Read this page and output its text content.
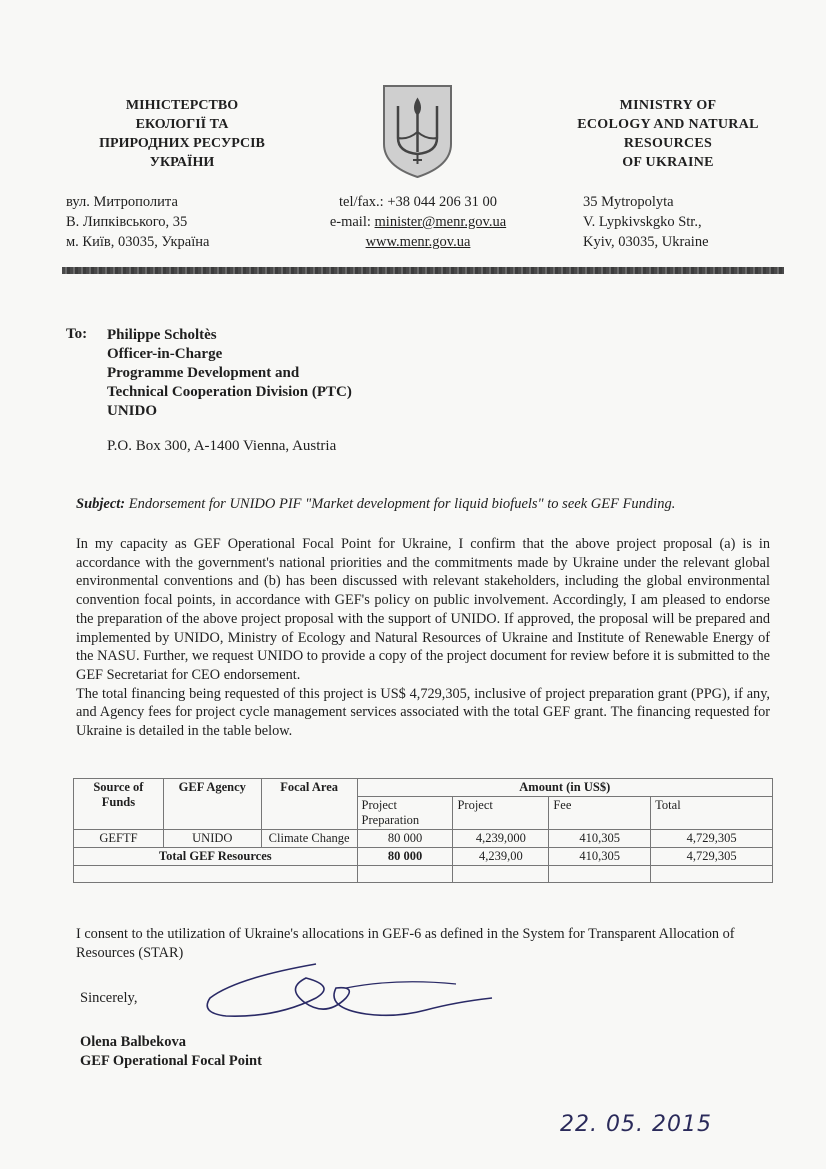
МІНІСТЕРСТВО
ЕКОЛОГІЇ ТА
ПРИРОДНИХ РЕСУРСІВ
УКРАЇНИ
MINISTRY OF
ECOLOGY AND NATURAL
RESOURCES
OF UKRAINE
вул. Митрополита
В. Липківського, 35
м. Київ, 03035, Україна
tel/fax.: +38 044 206 31 00
e-mail: minister@menr.gov.ua
www.menr.gov.ua
35 Mytropolyta
V. Lypkivskgko Str.,
Kyiv, 03035, Ukraine
To: Philippe Scholtès
Officer-in-Charge
Programme Development and
Technical Cooperation Division (PTC)
UNIDO
P.O. Box 300, A-1400 Vienna, Austria
Subject: Endorsement for UNIDO PIF "Market development for liquid biofuels" to seek GEF Funding.

In my capacity as GEF Operational Focal Point for Ukraine, I confirm that the above project proposal (a) is in accordance with the government's national priorities and the commitments made by Ukraine under the relevant global environmental conventions and (b) has been discussed with relevant stakeholders, including the global environmental convention focal points, in accordance with GEF's policy on public involvement. Accordingly, I am pleased to endorse the preparation of the above project proposal with the support of UNIDO. If approved, the proposal will be prepared and implemented by UNIDO, Ministry of Ecology and Natural Resources of Ukraine and Institute of Renewable Energy of the NASU. Further, we request UNIDO to provide a copy of the project document for review before it is submitted to the GEF Secretariat for CEO endorsement.

The total financing being requested of this project is US$ 4,729,305, inclusive of project preparation grant (PPG), if any, and Agency fees for project cycle management services associated with the total GEF grant. The financing requested for Ukraine is detailed in the table below.

Source of Funds	GEF Agency	Focal Area	Amount (in US$)			
			Project Preparation	Project	Fee	Total
GEFTF	UNIDO	Climate Change	80 000	4,239,000	410,305	4,729,305
Total GEF Resources			80 000	4,239,00	410,305	4,729,305

I consent to the utilization of Ukraine's allocations in GEF-6 as defined in the System for Transparent Allocation of Resources (STAR)
Sincerely,
Olena Balbekova
GEF Operational Focal Point
22. 05. 2015
